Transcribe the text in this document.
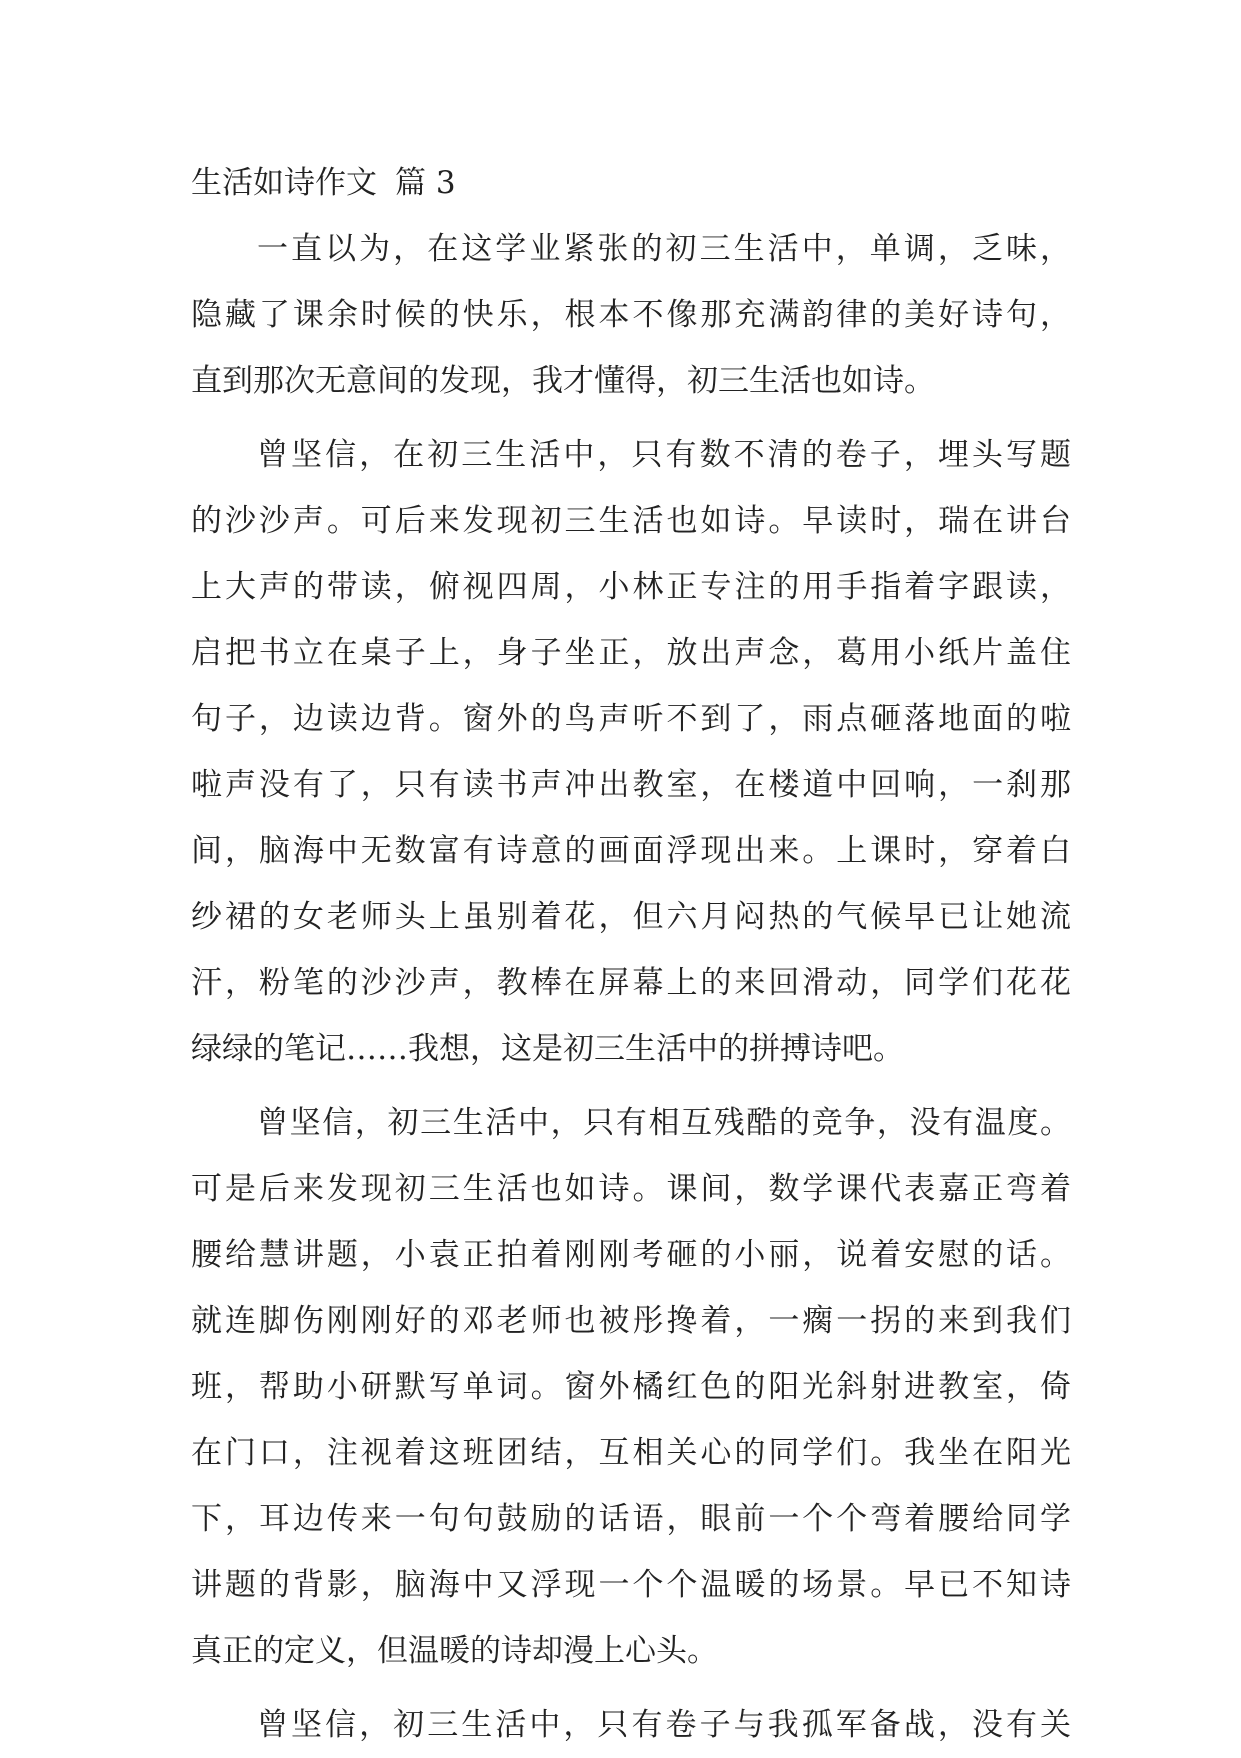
生活如诗作文 篇 3
一直以为，在这学业紧张的初三生活中，单调，乏味，
隐藏了课余时候的快乐，根本不像那充满韵律的美好诗句，
直到那次无意间的发现，我才懂得，初三生活也如诗。
曾坚信，在初三生活中，只有数不清的卷子，埋头写题
的沙沙声。可后来发现初三生活也如诗。早读时，瑞在讲台
上大声的带读，俯视四周，小林正专注的用手指着字跟读，
启把书立在桌子上，身子坐正，放出声念，葛用小纸片盖住
句子，边读边背。窗外的鸟声听不到了，雨点砸落地面的啦
啦声没有了，只有读书声冲出教室，在楼道中回响，一刹那
间，脑海中无数富有诗意的画面浮现出来。上课时，穿着白
纱裙的女老师头上虽别着花，但六月闷热的气候早已让她流
汗，粉笔的沙沙声，教棒在屏幕上的来回滑动，同学们花花
绿绿的笔记……我想，这是初三生活中的拼搏诗吧。
曾坚信，初三生活中，只有相互残酷的竞争，没有温度。
可是后来发现初三生活也如诗。课间，数学课代表嘉正弯着
腰给慧讲题，小袁正拍着刚刚考砸的小丽，说着安慰的话。
就连脚伤刚刚好的邓老师也被彤搀着，一瘸一拐的来到我们
班，帮助小研默写单词。窗外橘红色的阳光斜射进教室，倚
在门口，注视着这班团结，互相关心的同学们。我坐在阳光
下，耳边传来一句句鼓励的话语，眼前一个个弯着腰给同学
讲题的背影，脑海中又浮现一个个温暖的场景。早已不知诗
真正的定义，但温暖的诗却漫上心头。
曾坚信，初三生活中，只有卷子与我孤军备战，没有关
